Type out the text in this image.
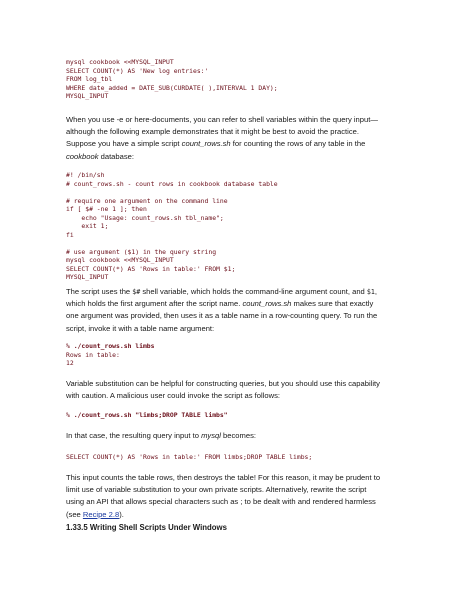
mysql cookbook <<MYSQL_INPUT
SELECT COUNT(*) AS 'New log entries:'
FROM log_tbl
WHERE date_added = DATE_SUB(CURDATE( ),INTERVAL 1 DAY);
MYSQL_INPUT
When you use -e or here-documents, you can refer to shell variables within the query input—
although the following example demonstrates that it might be best to avoid the practice.
Suppose you have a simple script count_rows.sh for counting the rows of any table in the
cookbook database:
#! /bin/sh
# count_rows.sh - count rows in cookbook database table

# require one argument on the command line
if [ $# -ne 1 ]; then
echo "Usage: count_rows.sh tbl_name";
exit 1;
fi

# use argument ($1) in the query string
mysql cookbook <<MYSQL_INPUT
SELECT COUNT(*) AS 'Rows in table:' FROM $1;
MYSQL_INPUT
The script uses the $# shell variable, which holds the command-line argument count, and $1,
which holds the first argument after the script name. count_rows.sh makes sure that exactly
one argument was provided, then uses it as a table name in a row-counting query. To run the
script, invoke it with a table name argument:
% ./count_rows.sh limbs
Rows in table:
12
Variable substitution can be helpful for constructing queries, but you should use this capability
with caution. A malicious user could invoke the script as follows:
% ./count_rows.sh "limbs;DROP TABLE limbs"
In that case, the resulting query input to mysql becomes:
SELECT COUNT(*) AS 'Rows in table:' FROM limbs;DROP TABLE limbs;
This input counts the table rows, then destroys the table! For this reason, it may be prudent to
limit use of variable substitution to your own private scripts. Alternatively, rewrite the script
using an API that allows special characters such as ; to be dealt with and rendered harmless
(see Recipe 2.8).
1.33.5 Writing Shell Scripts Under Windows
